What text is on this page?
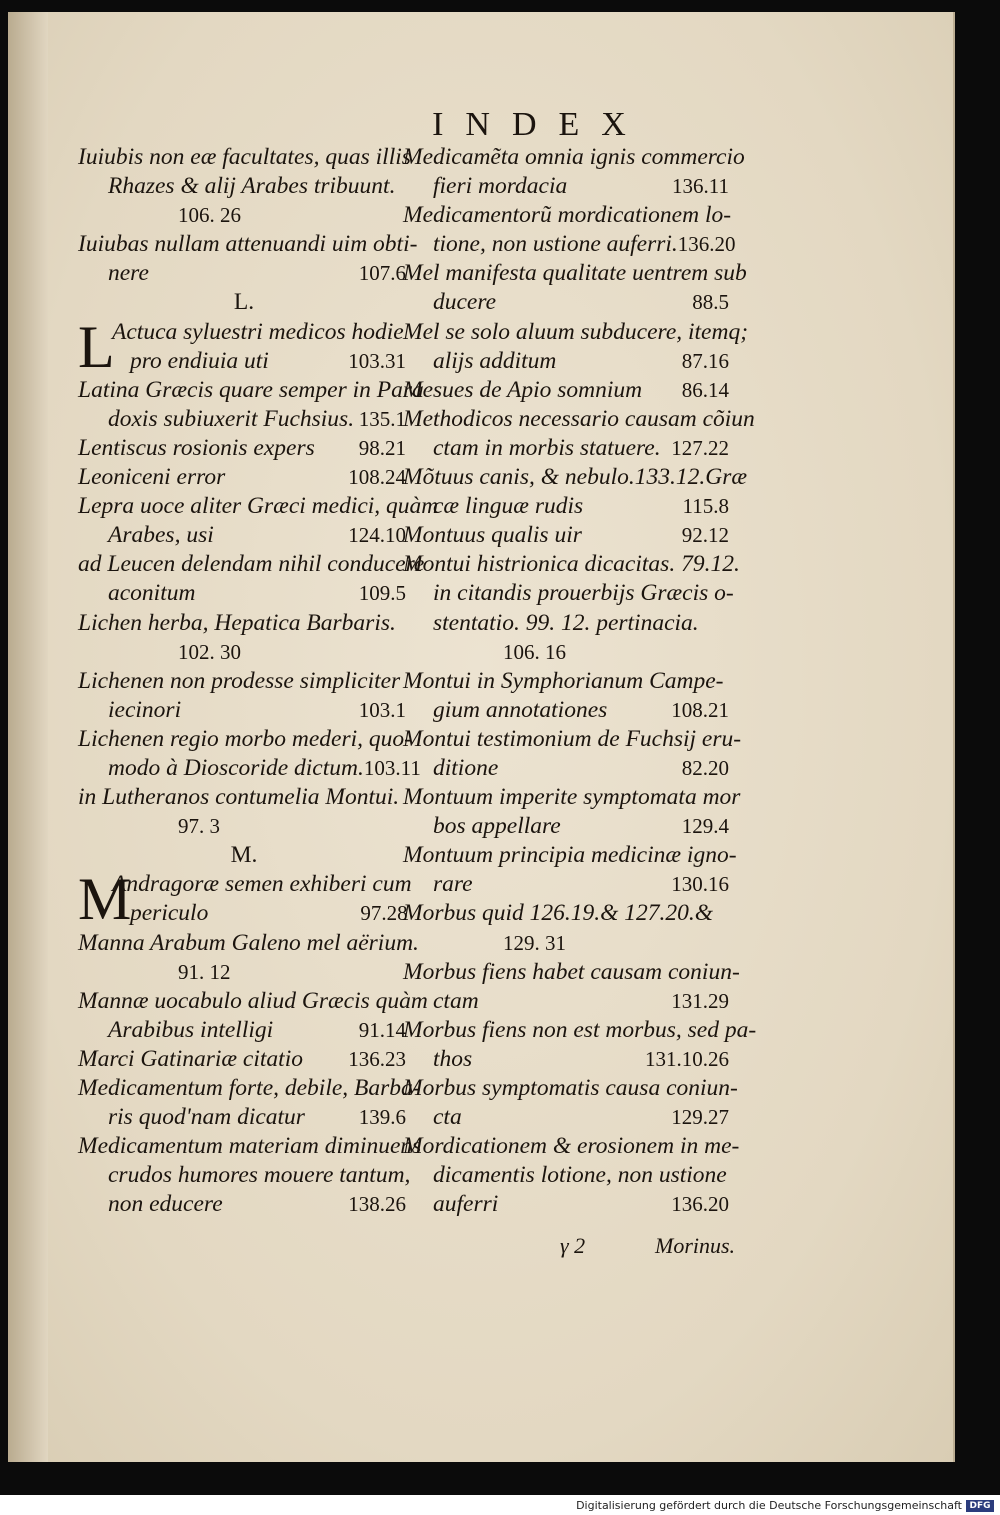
INDEX
Iuiubis non eæ facultates, quas illis
Rhazes & alij Arabes tribuunt.
106. 26
Iuiubas nullam attenuandi uim obti-
nere	107.6
L.
L
Actuca syluestri medicos hodie
pro endiuia uti	103.31
Latina Græcis quare semper in Para
doxis subiuxerit Fuchsius. 135.1
Lentiscus rosionis expers 98.21
Leoniceni error	108.24
Lepra uoce aliter Græci medici, quàm
Arabes, usi	124.10
ad Leucen delendam nihil conducere
aconitum	109.5
Lichen herba, Hepatica Barbaris.
102. 30
Lichenen non prodesse simpliciter
iecinori	103.1
Lichenen regio morbo mederi, quo-
modo à Dioscoride dictum. 103.11
in Lutheranos contumelia Montui.
97. 3
M.
M
Andragoræ semen exhiberi cum
periculo	97.28
Manna Arabum Galeno mel aërium.
91. 12
Mannæ uocabulo aliud Græcis quàm
Arabibus intelligi	91.14
Marci Gatinariæ citatio 136.23
Medicamentum forte, debile, Barba-
ris quod'nam dicatur	139.6
Medicamentum materiam diminuens
crudos humores mouere tantum,
non educere	138.26
Medicamẽta omnia ignis commercio
fieri mordacia	136.11
Medicamentorũ mordicationem lo-
tione, non ustione auferri. 136.20
Mel manifesta qualitate uentrem sub
ducere	88.5
Mel se solo aluum subducere, itemq;
alijs additum	87.16
Mesues de Apio somnium 86.14
Methodicos necessario causam cõiun
ctam in morbis statuere. 127.22
Mõtuus canis, & nebulo.133.12.Græ
cæ linguæ rudis	115.8
Montuus qualis uir	92.12
Montui histrionica dicacitas. 79.12.
in citandis prouerbijs Græcis o-
stentatio. 99. 12. pertinacia.
106. 16
Montui in Symphorianum Campe-
gium annotationes	108.21
Montui testimonium de Fuchsij eru-
ditione	82.20
Montuum imperite symptomata mor
bos appellare	129.4
Montuum principia medicinæ igno-
rare	130.16
Morbus quid 126.19.& 127.20.&
129. 31
Morbus fiens habet causam coniun-
ctam	131.29
Morbus fiens non est morbus, sed pa-
thos	131.10.26
Morbus symptomatis causa coniun-
cta	129.27
Mordicationem & erosionem in me-
dicamentis lotione, non ustione
auferri	136.20
γ 2	Morinus.
Digitalisierung gefördert durch die Deutsche Forschungsgemeinschaft DFG
